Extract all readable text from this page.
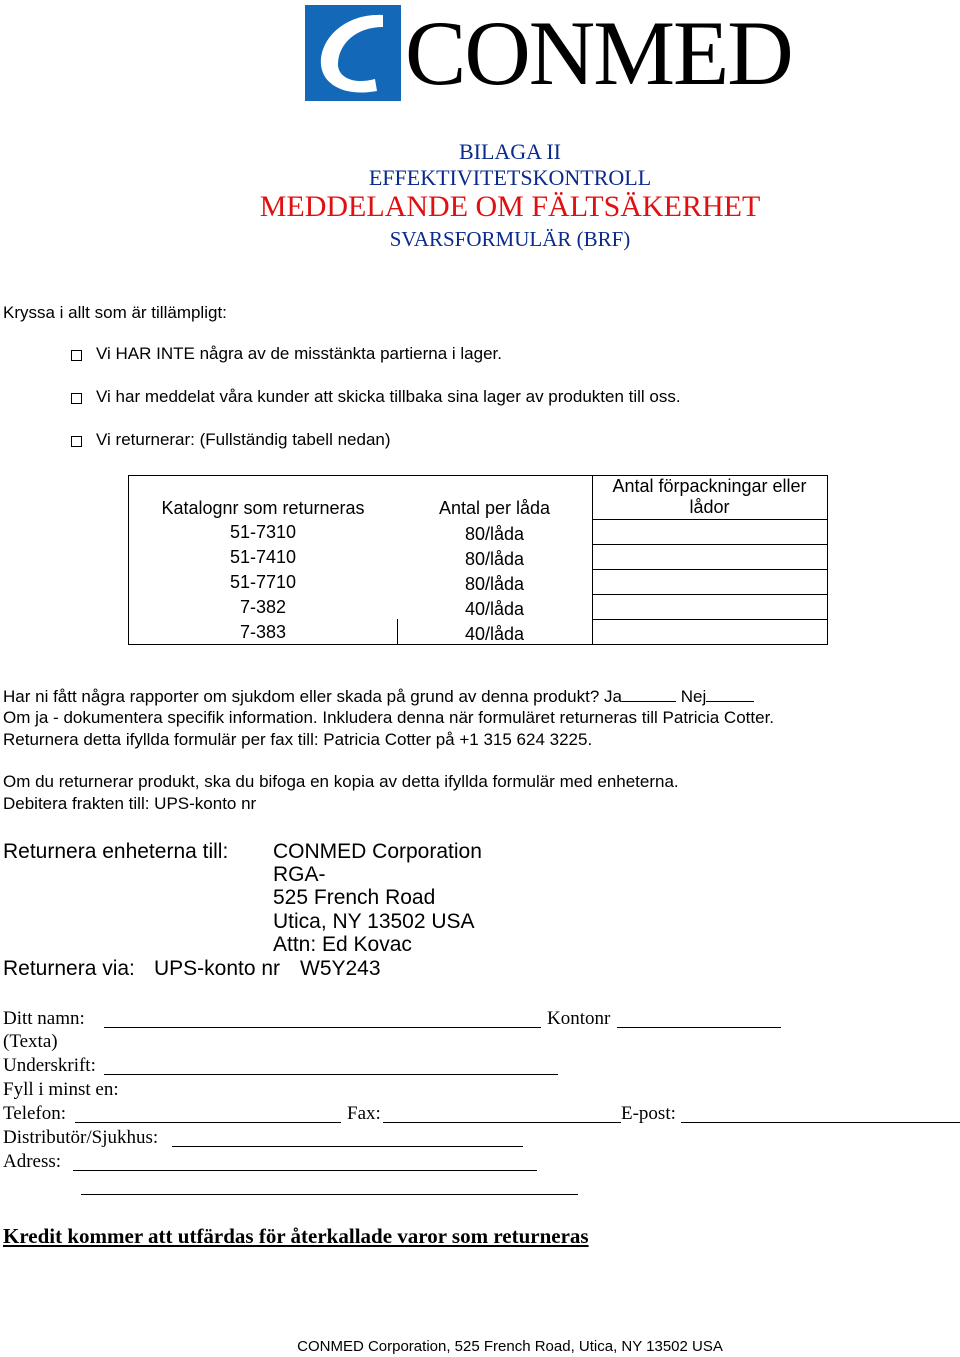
CONMED
BILAGA II
EFFEKTIVITETSKONTROLL
MEDDELANDE OM FÄLTSÄKERHET
SVARSFORMULÄR (BRF)
Kryssa i allt som är tillämpligt:
Vi HAR INTE några av de misstänkta partierna i lager.
Vi har meddelat våra kunder att skicka tillbaka sina lager av produkten till oss.
Vi returnerar: (Fullständig tabell nedan)
Katalognr som returneras	Antal per låda
Antal förpackningar eller lådor
51-7310	80/låda
51-7410	80/låda
51-7710	80/låda
7-382	40/låda
7-383	40/låda
Har ni fått några rapporter om sjukdom eller skada på grund av denna produkt? Ja	Nej
Om ja - dokumentera specifik information. Inkludera denna när formuläret returneras till Patricia Cotter.
Returnera detta ifyllda formulär per fax till: Patricia Cotter på +1 315 624 3225.
Om du returnerar produkt, ska du bifoga en kopia av detta ifyllda formulär med enheterna.
Debitera frakten till: UPS-konto nr
Returnera enheterna till: CONMED Corporation
RGA-
525 French Road
Utica, NY 13502 USA
Attn: Ed Kovac
Returnera via: UPS-konto nr W5Y243
Ditt namn:	Kontonr
(Texta)
Underskrift:
Fyll i minst en:
Telefon:	Fax:	E-post:
Distributör/Sjukhus:
Adress:
Kredit kommer att utfärdas för återkallade varor som returneras
CONMED Corporation, 525 French Road, Utica, NY 13502 USA
